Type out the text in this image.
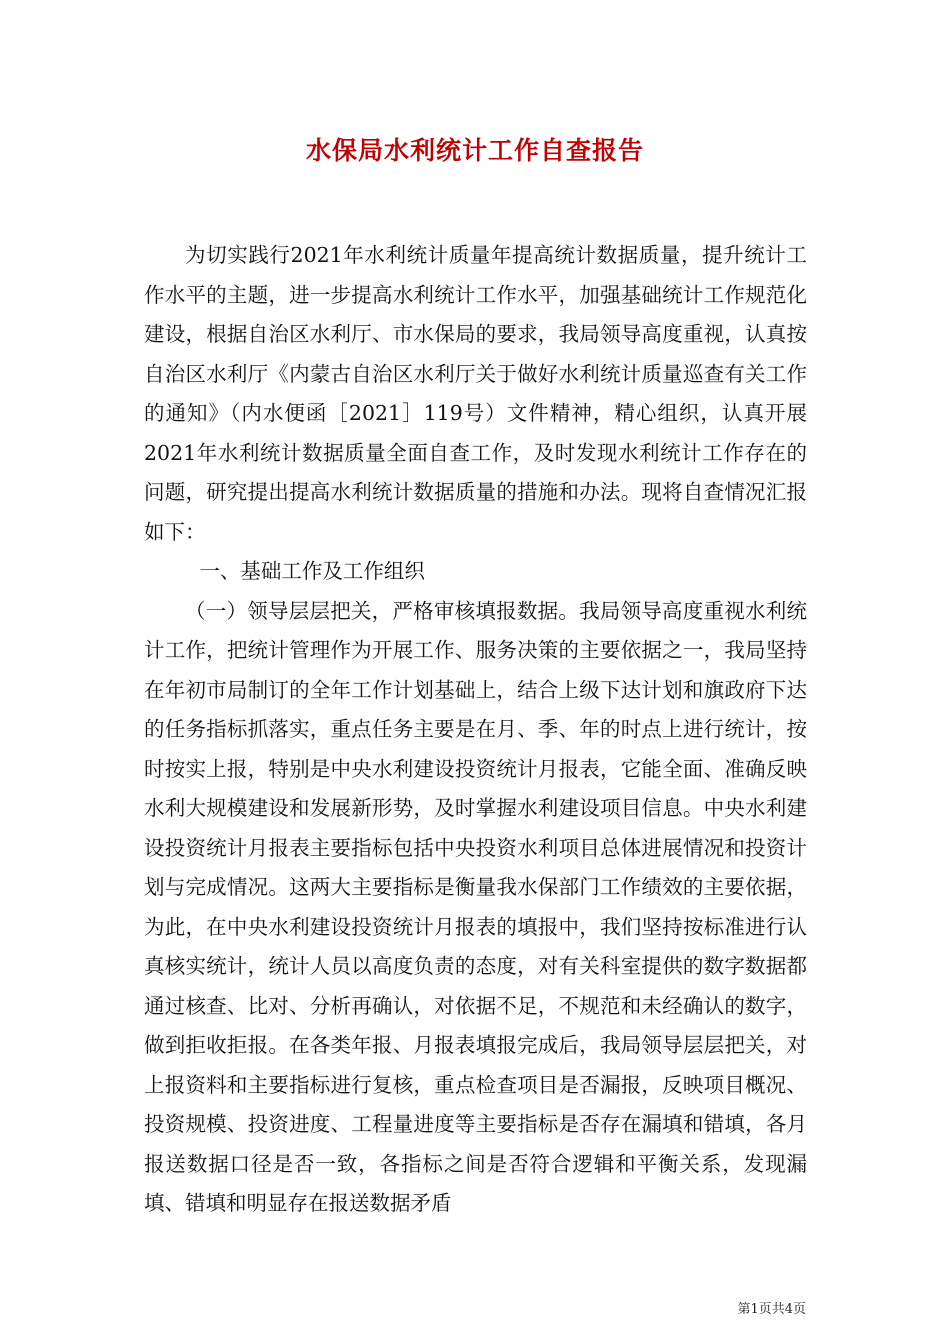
水保局水利统计工作自查报告

为切实践行2021年水利统计质量年提高统计数据质量，提升统计工作水平的主题，进一步提高水利统计工作水平，加强基础统计工作规范化建设，根据自治区水利厅、市水保局的要求，我局领导高度重视，认真按自治区水利厅《内蒙古自治区水利厅关于做好水利统计质量巡查有关工作的通知》（内水便函［2021］119号）文件精神，精心组织，认真开展2021年水利统计数据质量全面自查工作，及时发现水利统计工作存在的问题，研究提出提高水利统计数据质量的措施和办法。现将自查情况汇报如下：

一、基础工作及工作组织

（一）领导层层把关，严格审核填报数据。我局领导高度重视水利统计工作，把统计管理作为开展工作、服务决策的主要依据之一，我局坚持在年初市局制订的全年工作计划基础上，结合上级下达计划和旗政府下达的任务指标抓落实，重点任务主要是在月、季、年的时点上进行统计，按时按实上报，特别是中央水利建设投资统计月报表，它能全面、准确反映水利大规模建设和发展新形势，及时掌握水利建设项目信息。中央水利建设投资统计月报表主要指标包括中央投资水利项目总体进展情况和投资计划与完成情况。这两大主要指标是衡量我水保部门工作绩效的主要依据，为此，在中央水利建设投资统计月报表的填报中，我们坚持按标准进行认真核实统计，统计人员以高度负责的态度，对有关科室提供的数字数据都通过核查、比对、分析再确认，对依据不足，不规范和未经确认的数字，做到拒收拒报。在各类年报、月报表填报完成后，我局领导层层把关，对上报资料和主要指标进行复核，重点检查项目是否漏报，反映项目概况、投资规模、投资进度、工程量进度等主要指标是否存在漏填和错填，各月报送数据口径是否一致，各指标之间是否符合逻辑和平衡关系，发现漏填、错填和明显存在报送数据矛盾

第1页共4页
